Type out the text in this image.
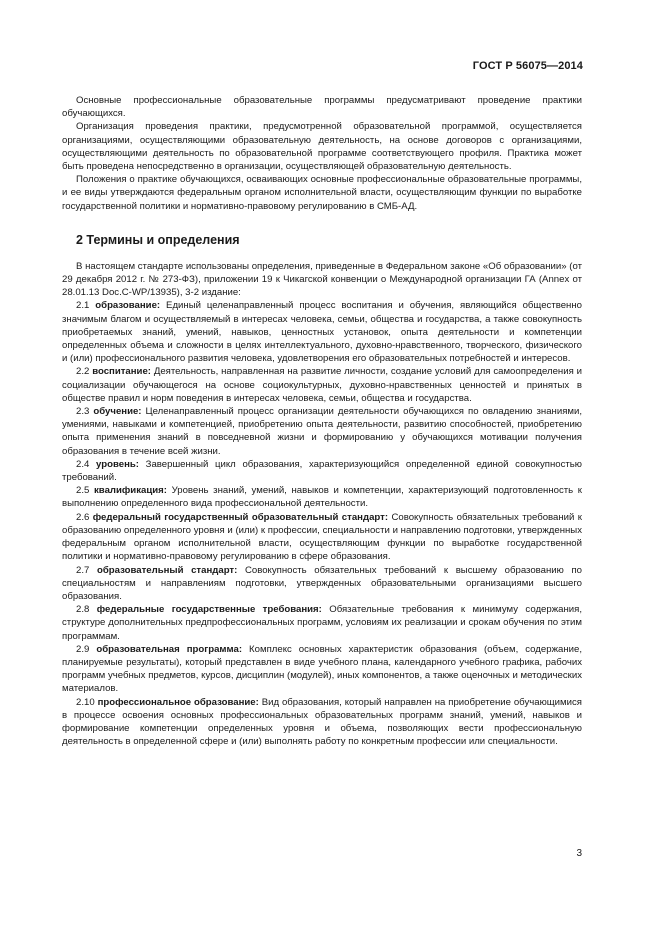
ГОСТ Р 56075—2014

Основные профессиональные образовательные программы предусматривают проведение практики обучающихся.

Организация проведения практики, предусмотренной образовательной программой, осуществляется организациями, осуществляющими образовательную деятельность, на основе договоров с организациями, осуществляющими деятельность по образовательной программе соответствующего профиля. Практика может быть проведена непосредственно в организации, осуществляющей образовательную деятельность.

Положения о практике обучающихся, осваивающих основные профессиональные образовательные программы, и ее виды утверждаются федеральным органом исполнительной власти, осуществляющим функции по выработке государственной политики и нормативно-правовому регулированию в СМБ-АД.

2 Термины и определения

В настоящем стандарте использованы определения, приведенные в Федеральном законе «Об образовании» (от 29 декабря 2012 г. № 273-ФЗ), приложении 19 к Чикагской конвенции о Международной организации ГА (Annex от 28.01.13 Doc.C-WP/13935), 3-2 издание:

2.1 образование: Единый целенаправленный процесс воспитания и обучения, являющийся общественно значимым благом и осуществляемый в интересах человека, семьи, общества и государства, а также совокупность приобретаемых знаний, умений, навыков, ценностных установок, опыта деятельности и компетенции определенных объема и сложности в целях интеллектуального, духовно-нравственного, творческого, физического и (или) профессионального развития человека, удовлетворения его образовательных потребностей и интересов.

2.2 воспитание: Деятельность, направленная на развитие личности, создание условий для самоопределения и социализации обучающегося на основе социокультурных, духовно-нравственных ценностей и принятых в обществе правил и норм поведения в интересах человека, семьи, общества и государства.

2.3 обучение: Целенаправленный процесс организации деятельности обучающихся по овладению знаниями, умениями, навыками и компетенцией, приобретению опыта деятельности, развитию способностей, приобретению опыта применения знаний в повседневной жизни и формированию у обучающихся мотивации получения образования в течение всей жизни.

2.4 уровень: Завершенный цикл образования, характеризующийся определенной единой совокупностью требований.

2.5 квалификация: Уровень знаний, умений, навыков и компетенции, характеризующий подготовленность к выполнению определенного вида профессиональной деятельности.

2.6 федеральный государственный образовательный стандарт: Совокупность обязательных требований к образованию определенного уровня и (или) к профессии, специальности и направлению подготовки, утвержденных федеральным органом исполнительной власти, осуществляющим функции по выработке государственной политики и нормативно-правовому регулированию в сфере образования.

2.7 образовательный стандарт: Совокупность обязательных требований к высшему образованию по специальностям и направлениям подготовки, утвержденных образовательными организациями высшего образования.

2.8 федеральные государственные требования: Обязательные требования к минимуму содержания, структуре дополнительных предпрофессиональных программ, условиям их реализации и срокам обучения по этим программам.

2.9 образовательная программа: Комплекс основных характеристик образования (объем, содержание, планируемые результаты), который представлен в виде учебного плана, календарного учебного графика, рабочих программ учебных предметов, курсов, дисциплин (модулей), иных компонентов, а также оценочных и методических материалов.

2.10 профессиональное образование: Вид образования, который направлен на приобретение обучающимися в процессе освоения основных профессиональных образовательных программ знаний, умений, навыков и формирование компетенции определенных уровня и объема, позволяющих вести профессиональную деятельность в определенной сфере и (или) выполнять работу по конкретным профессии или специальности.

3
